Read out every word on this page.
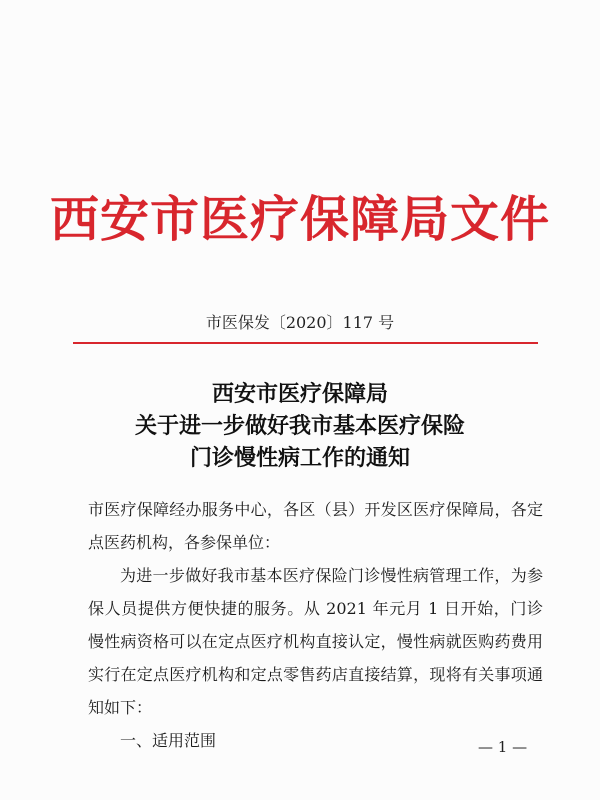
西安市医疗保障局文件
市医保发〔2020〕117 号
西安市医疗保障局
关于进一步做好我市基本医疗保险
门诊慢性病工作的通知

市医疗保障经办服务中心，各区（县）开发区医疗保障局，各定点医药机构，各参保单位：

为进一步做好我市基本医疗保险门诊慢性病管理工作，为参保人员提供方便快捷的服务。从 2021 年元月 1 日开始，门诊慢性病资格可以在定点医疗机构直接认定，慢性病就医购药费用实行在定点医疗机构和定点零售药店直接结算，现将有关事项通知如下：

一、适用范围	— 1 —
